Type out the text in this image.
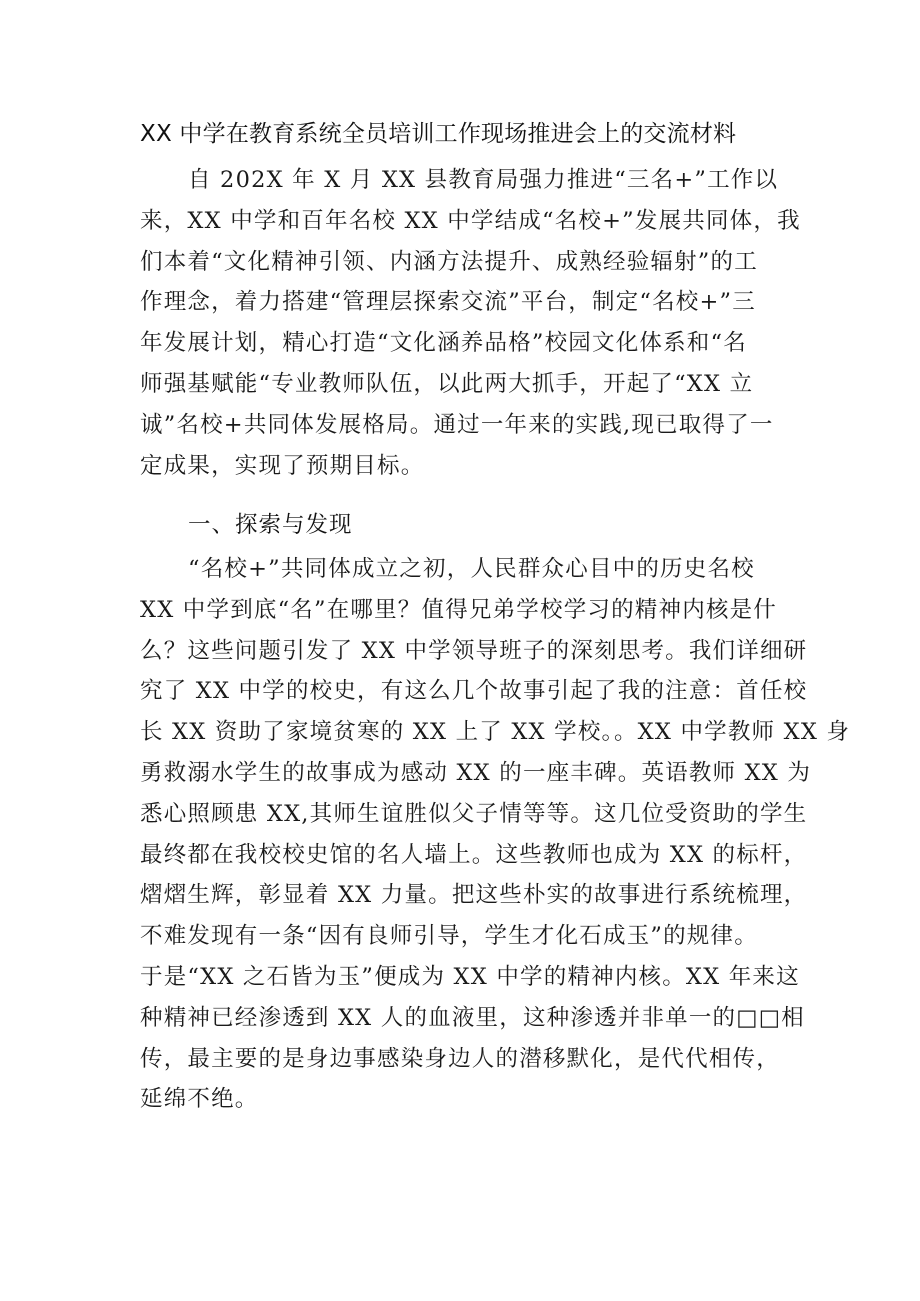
XX 中学在教育系统全员培训工作现场推进会上的交流材料
自 202X 年 X 月 XX 县教育局强力推进“三名+”工作以
来，XX 中学和百年名校 XX 中学结成“名校+”发展共同体，我
们本着“文化精神引领、内涵方法提升、成熟经验辐射”的工
作理念，着力搭建“管理层探索交流”平台，制定“名校+”三
年发展计划，精心打造“文化涵养品格”校园文化体系和“名
师强基赋能“专业教师队伍，以此两大抓手，开起了“XX 立
诚”名校+共同体发展格局。通过一年来的实践,现已取得了一
定成果，实现了预期目标。
一、探索与发现
“名校+”共同体成立之初，人民群众心目中的历史名校
XX 中学到底“名”在哪里？值得兄弟学校学习的精神内核是什
么？这些问题引发了 XX 中学领导班子的深刻思考。我们详细研
究了 XX 中学的校史，有这么几个故事引起了我的注意：首任校
长 XX 资助了家境贫寒的 XX 上了 XX 学校。。XX 中学教师 XX 身
勇救溺水学生的故事成为感动 XX 的一座丰碑。英语教师 XX 为
悉心照顾患 XX,其师生谊胜似父子情等等。这几位受资助的学生
最终都在我校校史馆的名人墙上。这些教师也成为 XX 的标杆，
熠熠生辉，彰显着 XX 力量。把这些朴实的故事进行系统梳理，
不难发现有一条“因有良师引导，学生才化石成玉”的规律。
于是“XX 之石皆为玉”便成为 XX 中学的精神内核。XX 年来这
种精神已经渗透到 XX 人的血液里，这种渗透并非单一的□□相
传，最主要的是身边事感染身边人的潜移默化，是代代相传，
延绵不绝。
